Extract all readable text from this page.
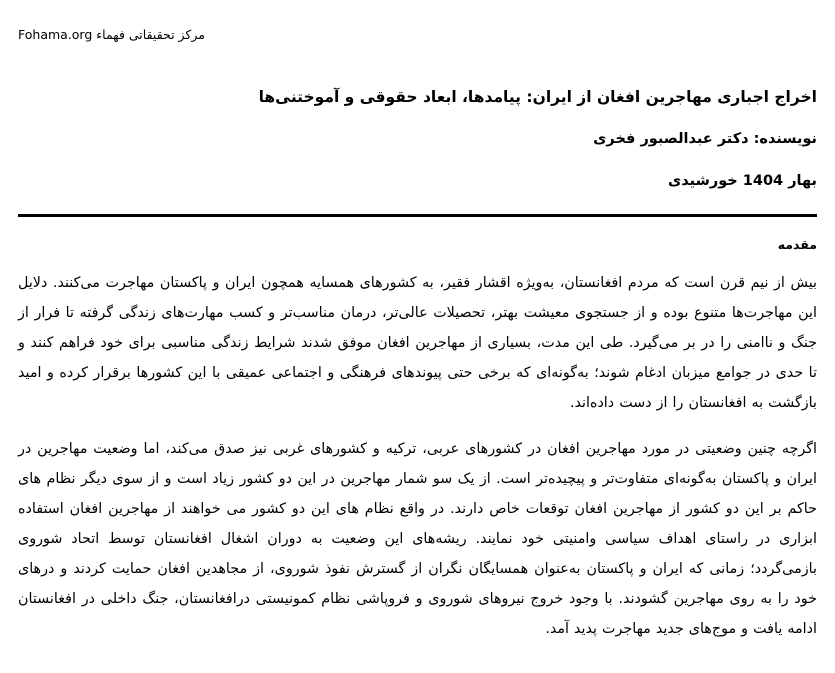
مرکز تحقیقاتی فهماء Fohama.org
اخراج اجباری مهاجرین افغان از ایران: پیامدها، ابعاد حقوقی و آموختنی‌ها
نویسنده: دکتر عبدالصبور فخری
بهار 1404 خورشیدی
مقدمه

بیش از نیم قرن است که مردم افغانستان، به‌ویژه اقشار فقیر، به کشورهای همسایه همچون ایران و پاکستان مهاجرت می‌کنند. دلایل این مهاجرت‌ها متنوع بوده و از جستجوی معیشت بهتر، تحصیلات عالی‌تر، درمان مناسب‌تر و کسب مهارت‌های زندگی گرفته تا فرار از جنگ و ناامنی را در بر می‌گیرد. طی این مدت، بسیاری از مهاجرین افغان موفق شدند شرایط زندگی مناسبی برای خود فراهم کنند و تا حدی در جوامع میزبان ادغام شوند؛ به‌گونه‌ای که برخی حتی پیوندهای فرهنگی و اجتماعی عمیقی با این کشورها برقرار کرده و امید بازگشت به افغانستان را از دست داده‌اند.

اگرچه چنین وضعیتی در مورد مهاجرین افغان در کشورهای عربی، ترکیه و کشورهای غربی نیز صدق می‌کند، اما وضعیت مهاجرین در ایران و پاکستان به‌گونه‌ای متفاوت‌تر و پیچیده‌تر است. از یک سو شمار مهاجرین در این دو کشور زیاد است و از سوی دیگر نظام های حاکم بر این دو کشور از مهاجرین افغان توقعات خاص دارند. در واقع نظام های این دو کشور می خواهند از مهاجرین افغان استفاده ابزاری در راستای اهداف سیاسی وامنیتی خود نمایند. ریشه‌های این وضعیت به دوران اشغال افغانستان توسط اتحاد شوروی بازمی‌گردد؛ زمانی که ایران و پاکستان به‌عنوان همسایگان نگران از گسترش نفوذ شوروی، از مجاهدین افغان حمایت کردند و درهای خود را به روی مهاجرین گشودند. با وجود خروج نیروهای شوروی و فروپاشی نظام کمونیستی درافغانستان، جنگ داخلی در افغانستان ادامه یافت و موج‌های جدید مهاجرت پدید آمد.
